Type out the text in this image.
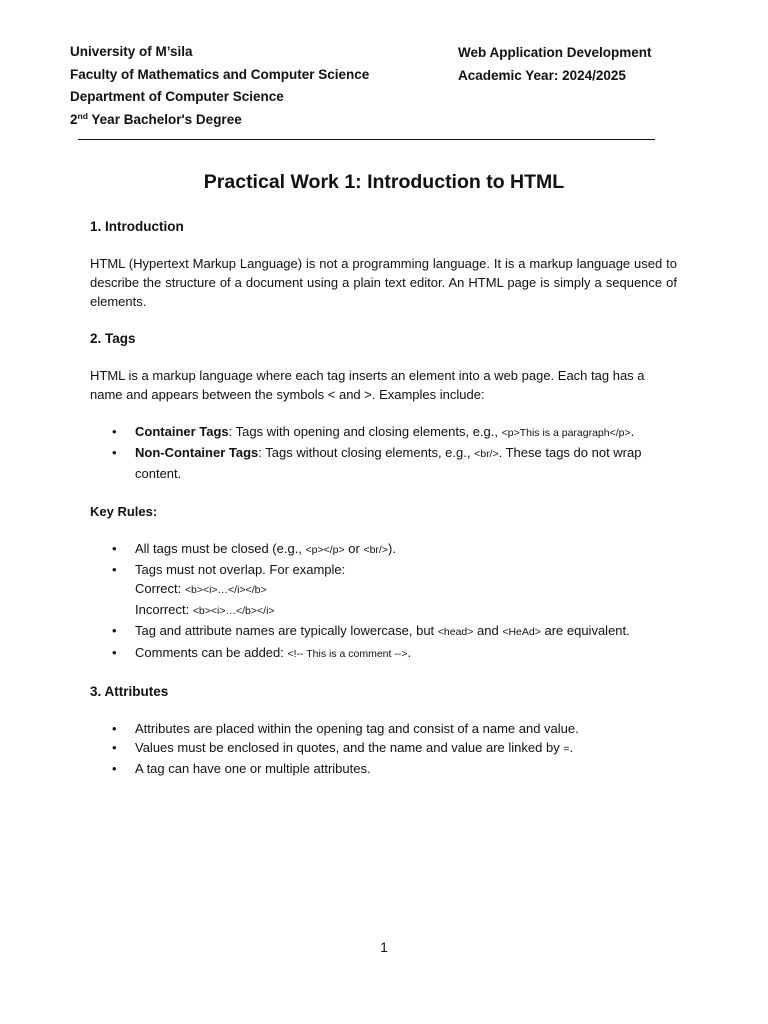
University of M’sila
Faculty of Mathematics and Computer Science
Department of Computer Science
2nd Year Bachelor's Degree
Web Application Development
Academic Year: 2024/2025
Practical Work 1: Introduction to HTML
1. Introduction

HTML (Hypertext Markup Language) is not a programming language. It is a markup language used to describe the structure of a document using a plain text editor. An HTML page is simply a sequence of elements.

2. Tags

HTML is a markup language where each tag inserts an element into a web page. Each tag has a name and appears between the symbols < and >. Examples include:

• Container Tags: Tags with opening and closing elements, e.g., <p>This is a paragraph</p>.
• Non-Container Tags: Tags without closing elements, e.g., <br/>. These tags do not wrap content.

Key Rules:

• All tags must be closed (e.g., <p></p> or <br/>).
• Tags must not overlap. For example:
Correct: <b><i>…</i></b>
Incorrect: <b><i>…</b></i>
• Tag and attribute names are typically lowercase, but <head> and <HeAd> are equivalent.
• Comments can be added: <!-- This is a comment -->.
3. Attributes
• Attributes are placed within the opening tag and consist of a name and value.
• Values must be enclosed in quotes, and the name and value are linked by =.
• A tag can have one or multiple attributes.
1
